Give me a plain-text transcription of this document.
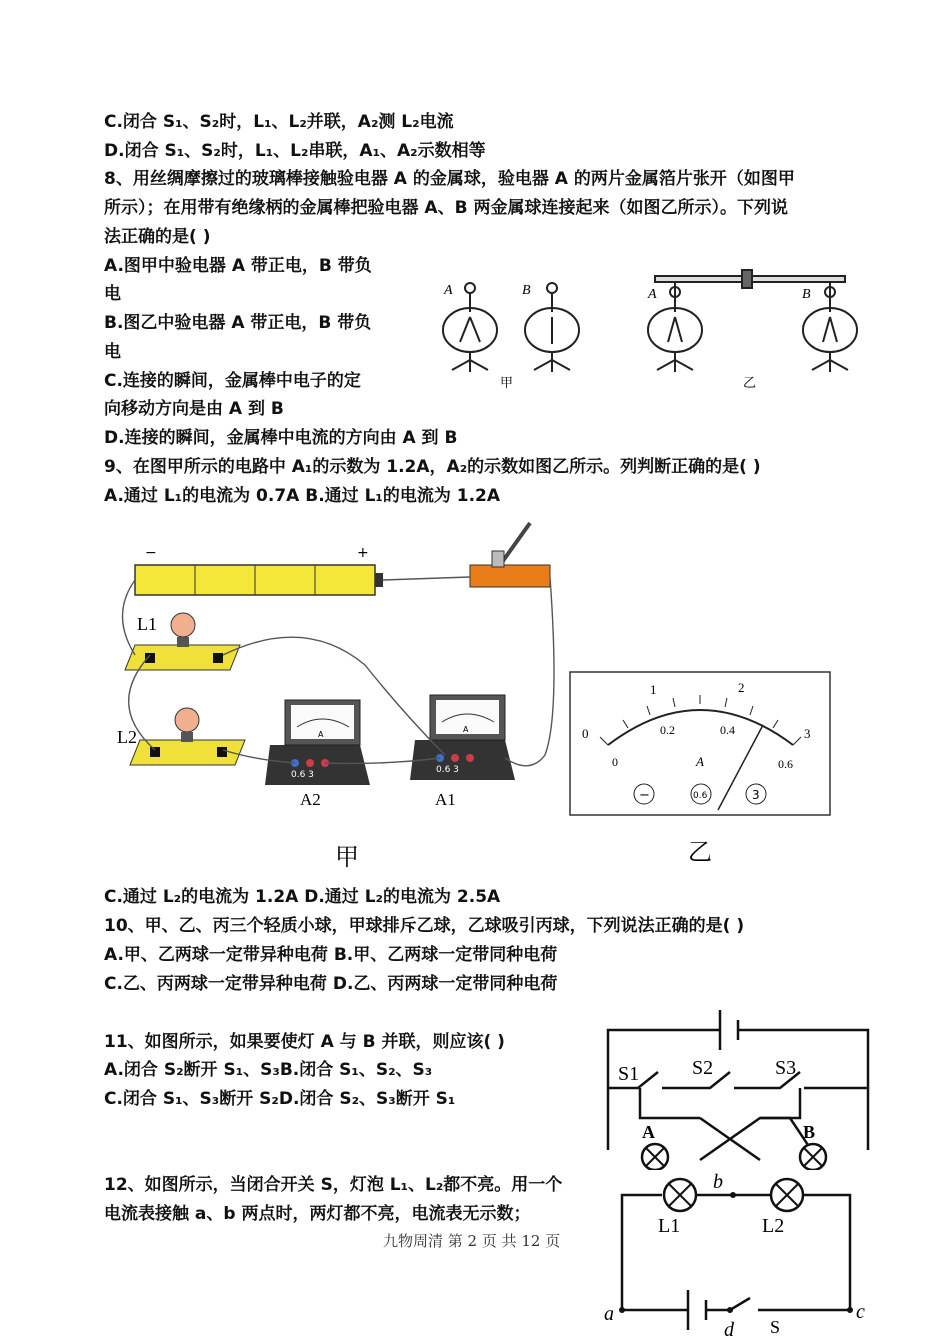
C.闭合 S₁、S₂时，L₁、L₂并联，A₂测 L₂电流
D.闭合 S₁、S₂时，L₁、L₂串联，A₁、A₂示数相等
8、用丝绸摩擦过的玻璃棒接触验电器 A 的金属球，验电器 A 的两片金属箔片张开（如图甲
所示）；在用带有绝缘柄的金属棒把验电器 A、B 两金属球连接起来（如图乙所示）。下列说
法正确的是( )
A.图甲中验电器 A 带正电，B 带负
电
B.图乙中验电器 A 带正电，B 带负
电
C.连接的瞬间，金属棒中电子的定
向移动方向是由 A 到 B
D.连接的瞬间，金属棒中电流的方向由 A 到 B
9、在图甲所示的电路中 A₁的示数为 1.2A，A₂的示数如图乙所示。列判断正确的是( )
A.通过 L₁的电流为 0.7A B.通过 L₁的电流为 1.2A
C.通过 L₂的电流为 1.2A D.通过 L₂的电流为 2.5A
10、甲、乙、丙三个轻质小球，甲球排斥乙球，乙球吸引丙球，下列说法正确的是( )
A.甲、乙两球一定带异种电荷 B.甲、乙两球一定带同种电荷
C.乙、丙两球一定带异种电荷 D.乙、丙两球一定带同种电荷
11、如图所示，如果要使灯 A 与 B 并联，则应该( )
A.闭合 S₂断开 S₁、S₃B.闭合 S₁、S₂、S₃
C.闭合 S₁、S₃断开 S₂D.闭合 S₂、S₃断开 S₁
12、如图所示，当闭合开关 S，灯泡 L₁、L₂都不亮。用一个
电流表接触 a、b 两点时，两灯都不亮，电流表无示数；
九物周清 第 2 页 共 12 页
A	B
甲
A	B
乙
−	+
L1
L2	A
0.6 3
A2
A
0.6 3
A1
甲
0
1	2
3
0
0.2	0.4
0.6
A
−	0.6	3
乙
S1	S2	S3
A	B
L1	L2
a
b
c
d S
